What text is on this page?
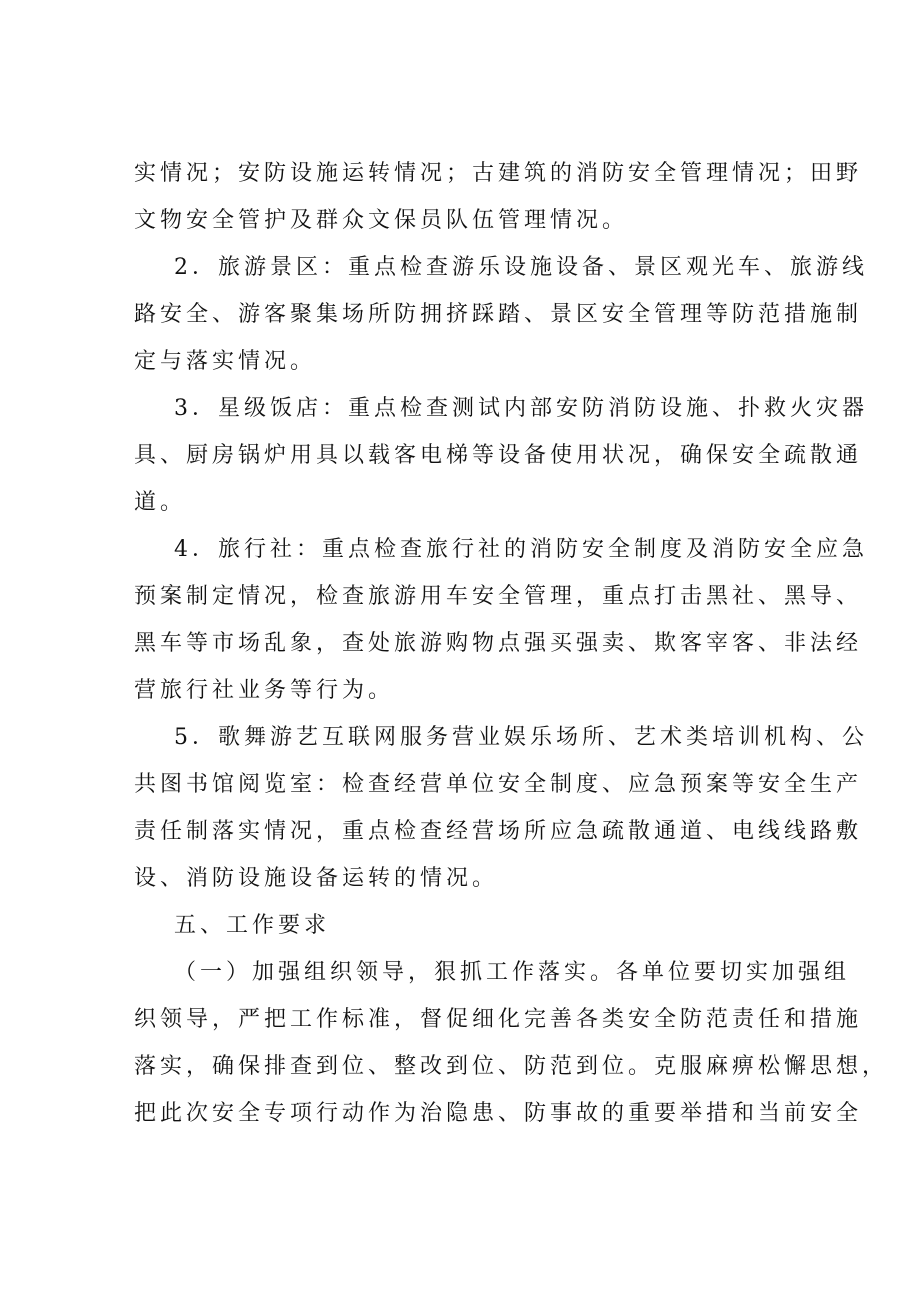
实情况；安防设施运转情况；古建筑的消防安全管理情况；田野
文物安全管护及群众文保员队伍管理情况。
2．旅游景区：重点检查游乐设施设备、景区观光车、旅游线
路安全、游客聚集场所防拥挤踩踏、景区安全管理等防范措施制
定与落实情况。
3．星级饭店：重点检查测试内部安防消防设施、扑救火灾器
具、厨房锅炉用具以载客电梯等设备使用状况，确保安全疏散通
道。
4．旅行社：重点检查旅行社的消防安全制度及消防安全应急
预案制定情况，检查旅游用车安全管理，重点打击黑社、黑导、
黑车等市场乱象，查处旅游购物点强买强卖、欺客宰客、非法经
营旅行社业务等行为。
5．歌舞游艺互联网服务营业娱乐场所、艺术类培训机构、公
共图书馆阅览室：检查经营单位安全制度、应急预案等安全生产
责任制落实情况，重点检查经营场所应急疏散通道、电线线路敷
设、消防设施设备运转的情况。
五、工作要求
（一）加强组织领导，狠抓工作落实。各单位要切实加强组
织领导，严把工作标准，督促细化完善各类安全防范责任和措施
落实，确保排查到位、整改到位、防范到位。克服麻痹松懈思想，
把此次安全专项行动作为治隐患、防事故的重要举措和当前安全
